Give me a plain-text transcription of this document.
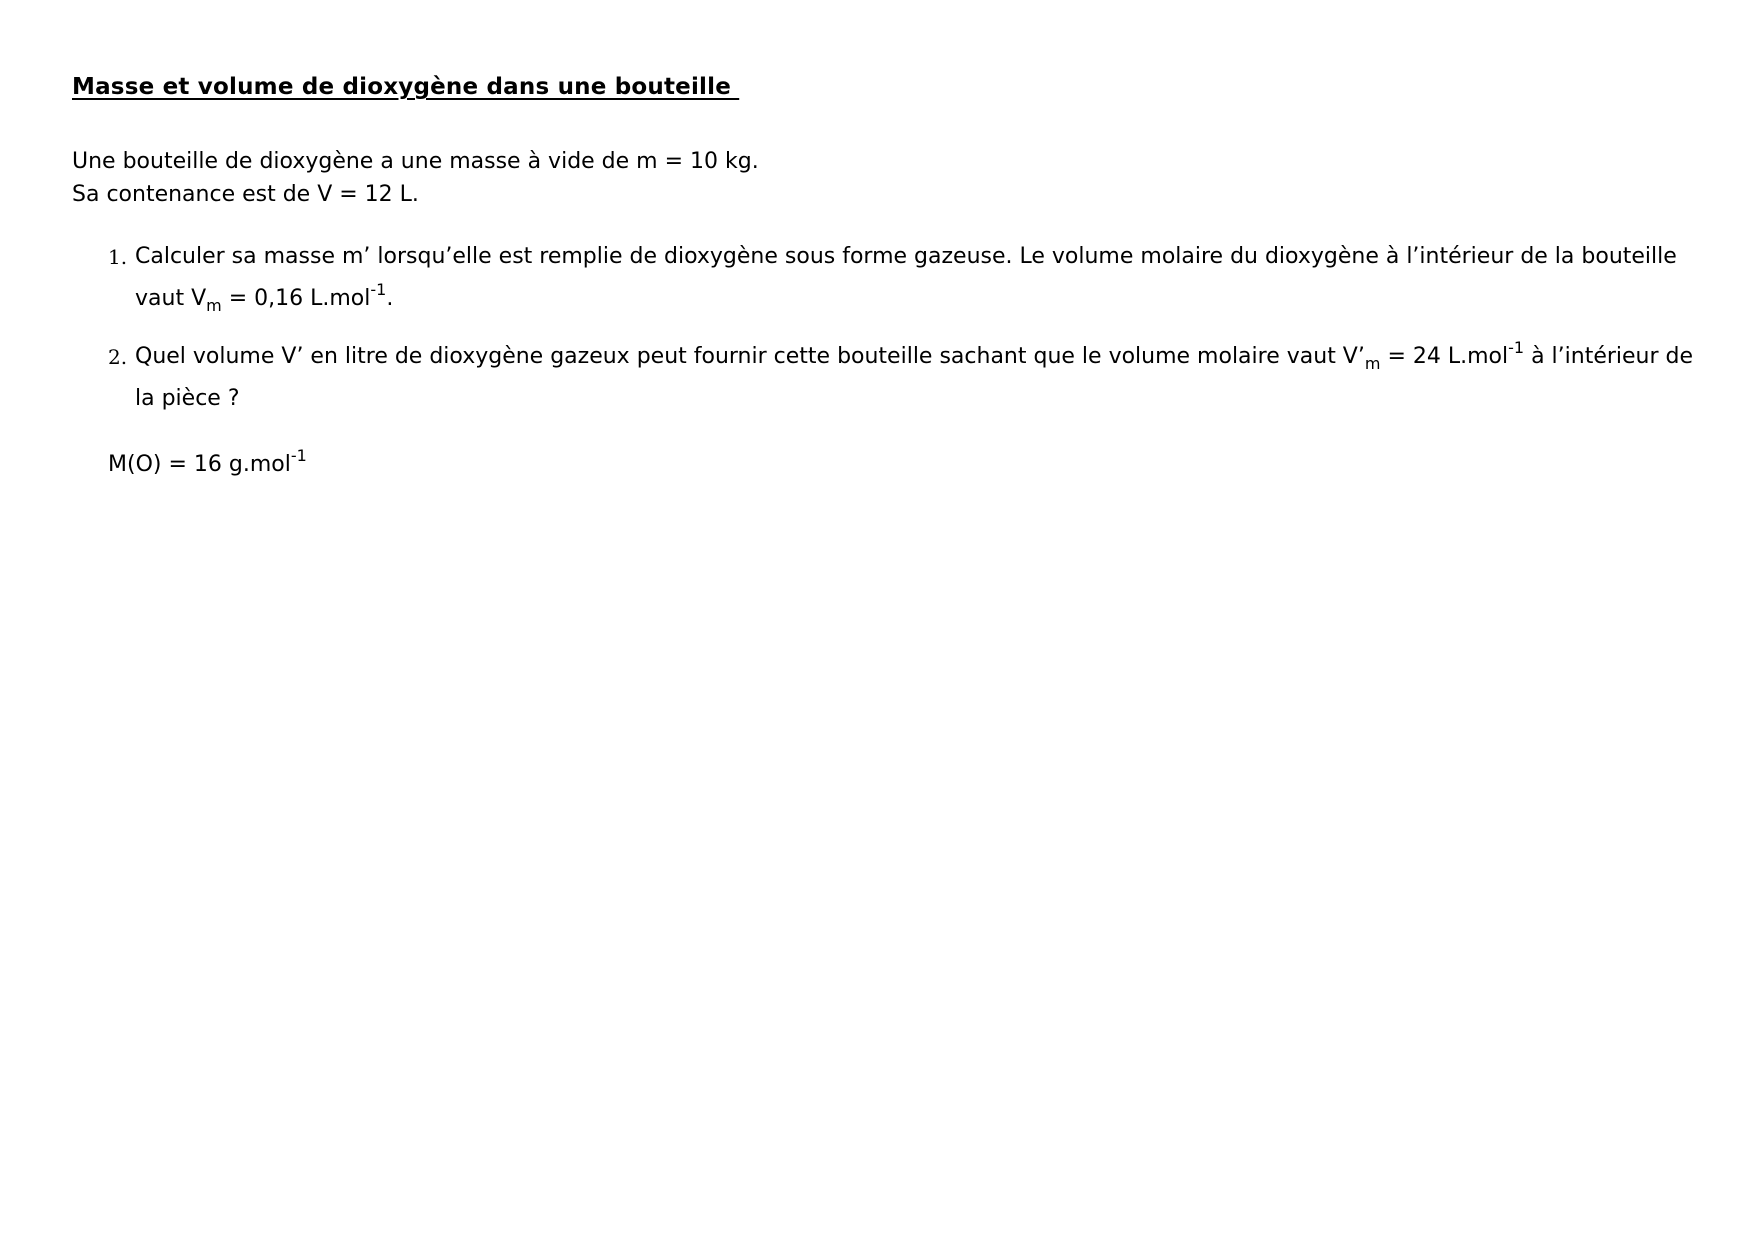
Masse et volume de dioxygène dans une bouteille

Une bouteille de dioxygène a une masse à vide de m = 10 kg.

Sa contenance est de V = 12 L.

1. Calculer sa masse m’ lorsqu’elle est remplie de dioxygène sous forme gazeuse. Le volume molaire du dioxygène à l’intérieur de la bouteille vaut $V_m = 0,16$ L.mol$^{-1}$.
2. Quel volume V’ en litre de dioxygène gazeux peut fournir cette bouteille sachant que le volume molaire vaut $V’_m = 24$ L.mol$^{-1}$ à l’intérieur de la pièce ?
M(O) = 16 g.mol$^{-1}$
